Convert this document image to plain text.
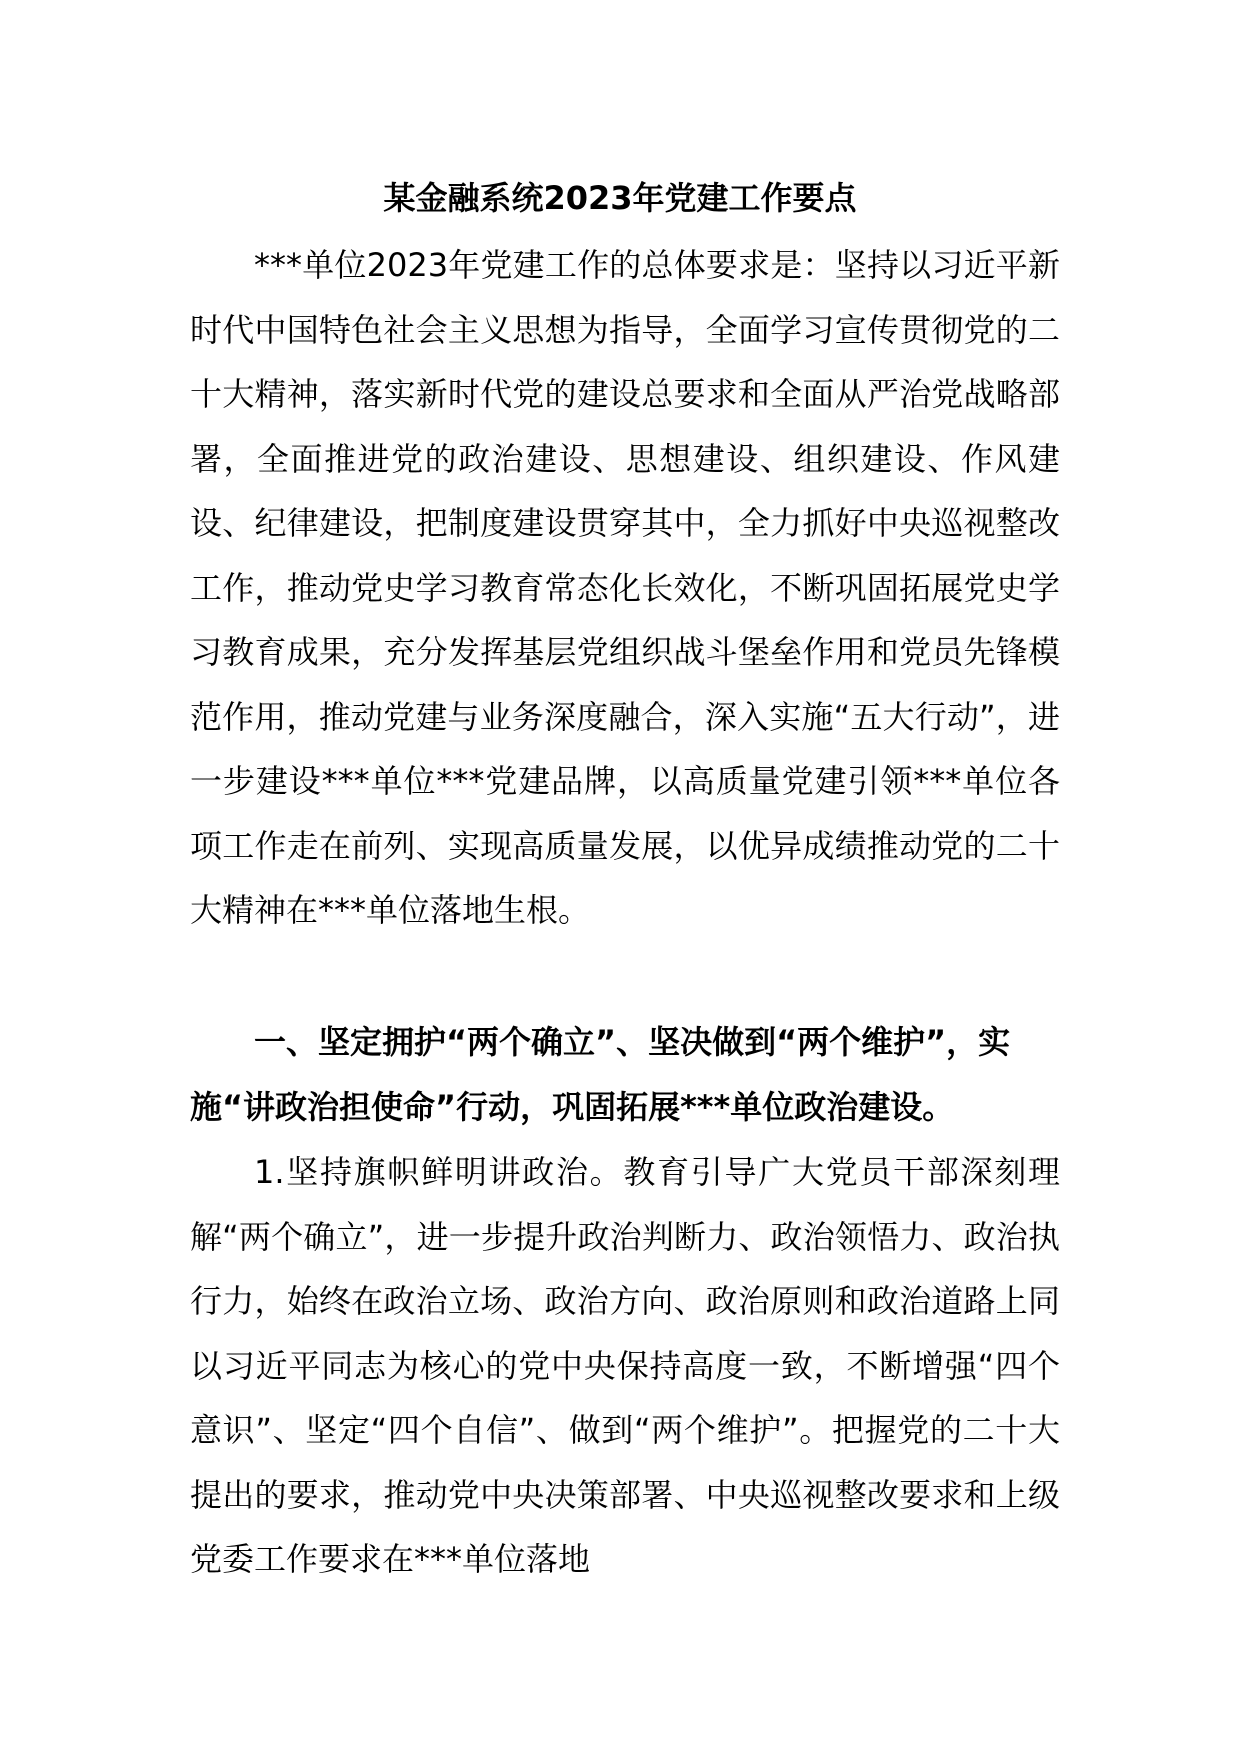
某金融系统2023年党建工作要点

***单位2023年党建工作的总体要求是：坚持以习近平新时代中国特色社会主义思想为指导，全面学习宣传贯彻党的二十大精神，落实新时代党的建设总要求和全面从严治党战略部署，全面推进党的政治建设、思想建设、组织建设、作风建设、纪律建设，把制度建设贯穿其中，全力抓好中央巡视整改工作，推动党史学习教育常态化长效化，不断巩固拓展党史学习教育成果，充分发挥基层党组织战斗堡垒作用和党员先锋模范作用，推动党建与业务深度融合，深入实施“五大行动”，进一步建设***单位***党建品牌，以高质量党建引领***单位各项工作走在前列、实现高质量发展，以优异成绩推动党的二十大精神在***单位落地生根。

一、坚定拥护“两个确立”、坚决做到“两个维护”，实施“讲政治担使命”行动，巩固拓展***单位政治建设。

1.坚持旗帜鲜明讲政治。教育引导广大党员干部深刻理解“两个确立”，进一步提升政治判断力、政治领悟力、政治执行力，始终在政治立场、政治方向、政治原则和政治道路上同以习近平同志为核心的党中央保持高度一致，不断增强“四个意识”、坚定“四个自信”、做到“两个维护”。把握党的二十大提出的要求，推动党中央决策部署、中央巡视整改要求和上级党委工作要求在***单位落地
